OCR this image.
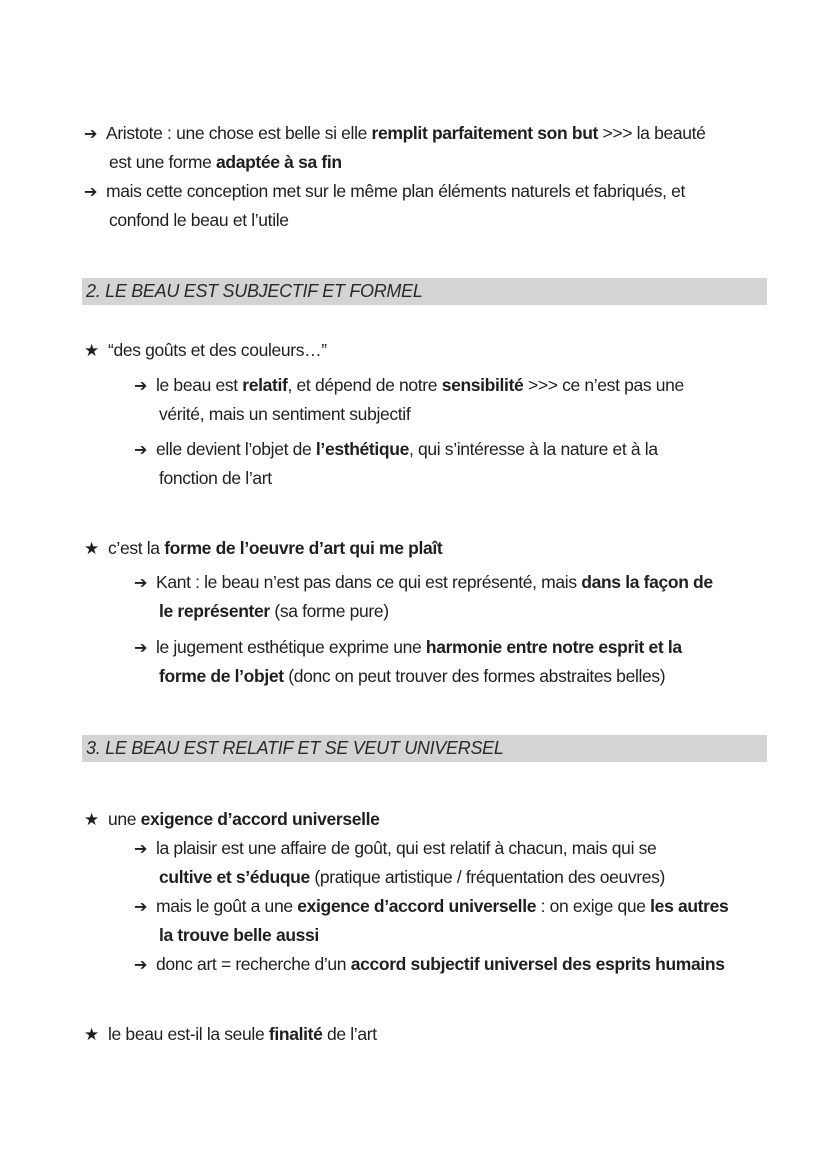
➔ Aristote : une chose est belle si elle remplit parfaitement son but >>> la beauté
est une forme adaptée à sa fin
➔ mais cette conception met sur le même plan éléments naturels et fabriqués, et
confond le beau et l’utile
2. LE BEAU EST SUBJECTIF ET FORMEL
★ “des goûts et des couleurs…”
➔ le beau est relatif, et dépend de notre sensibilité >>> ce n’est pas une
vérité, mais un sentiment subjectif
➔ elle devient l’objet de l’esthétique, qui s’intéresse à la nature et à la
fonction de l’art
★ c’est la forme de l’oeuvre d’art qui me plaît
➔ Kant : le beau n’est pas dans ce qui est représenté, mais dans la façon de
le représenter (sa forme pure)
➔ le jugement esthétique exprime une harmonie entre notre esprit et la
forme de l’objet (donc on peut trouver des formes abstraites belles)
3. LE BEAU EST RELATIF ET SE VEUT UNIVERSEL
★ une exigence d’accord universelle
➔ la plaisir est une affaire de goût, qui est relatif à chacun, mais qui se
cultive et s’éduque (pratique artistique / fréquentation des oeuvres)
➔ mais le goût a une exigence d’accord universelle : on exige que les autres
la trouve belle aussi
➔ donc art = recherche d’un accord subjectif universel des esprits humains
★ le beau est-il la seule finalité de l’art
